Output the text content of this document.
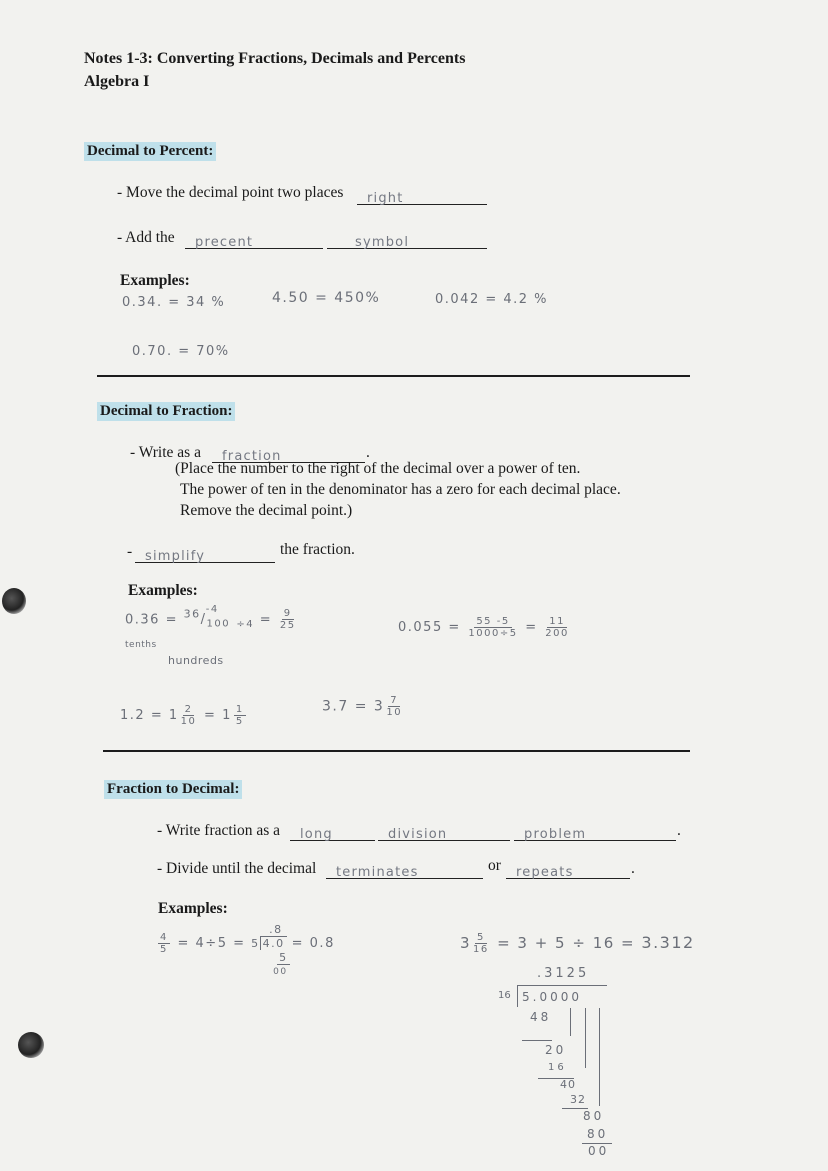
Notes 1-3: Converting Fractions, Decimals and Percents
Algebra I
Decimal to Percent:
- Move the decimal point two places right
- Add the precent	symbol
Examples:
0.34. = 34 %	4.50 = 450%	0.042 = 4.2 %
0.70. = 70%
Decimal to Fraction:
- Write as a fraction	.
(Place the number to the right of the decimal over a power of ten.
The power of ten in the denominator has a zero for each decimal place.
Remove the decimal point.)
- simplify	the fraction.
Examples:
$0.36 = ^{36}/_{100}$ $^{-4}$ $_{\div 4} = \frac{9}{25}$
tenths
hundreds
$0.055 = \frac{55 -5}{1000\div 5} = \frac{11}{200}$
$1.2 = 1 \frac{2}{10} = 1 \frac{1}{5}$	$3.7 = 3 \frac{7}{10}$
Fraction to Decimal:
- Write fraction as a long	division	problem	.
- Divide until the decimal terminates	or repeats	.
Examples:
$\frac{4}{5} = 4\div 5 = 5$ 4.0
.8
5
00
= 0.8	$3 \frac{5}{16} = 3 + 5 \div 16 = 3.312$
.3125
16 5.0000
48
20
16
40
32
80
80
00
